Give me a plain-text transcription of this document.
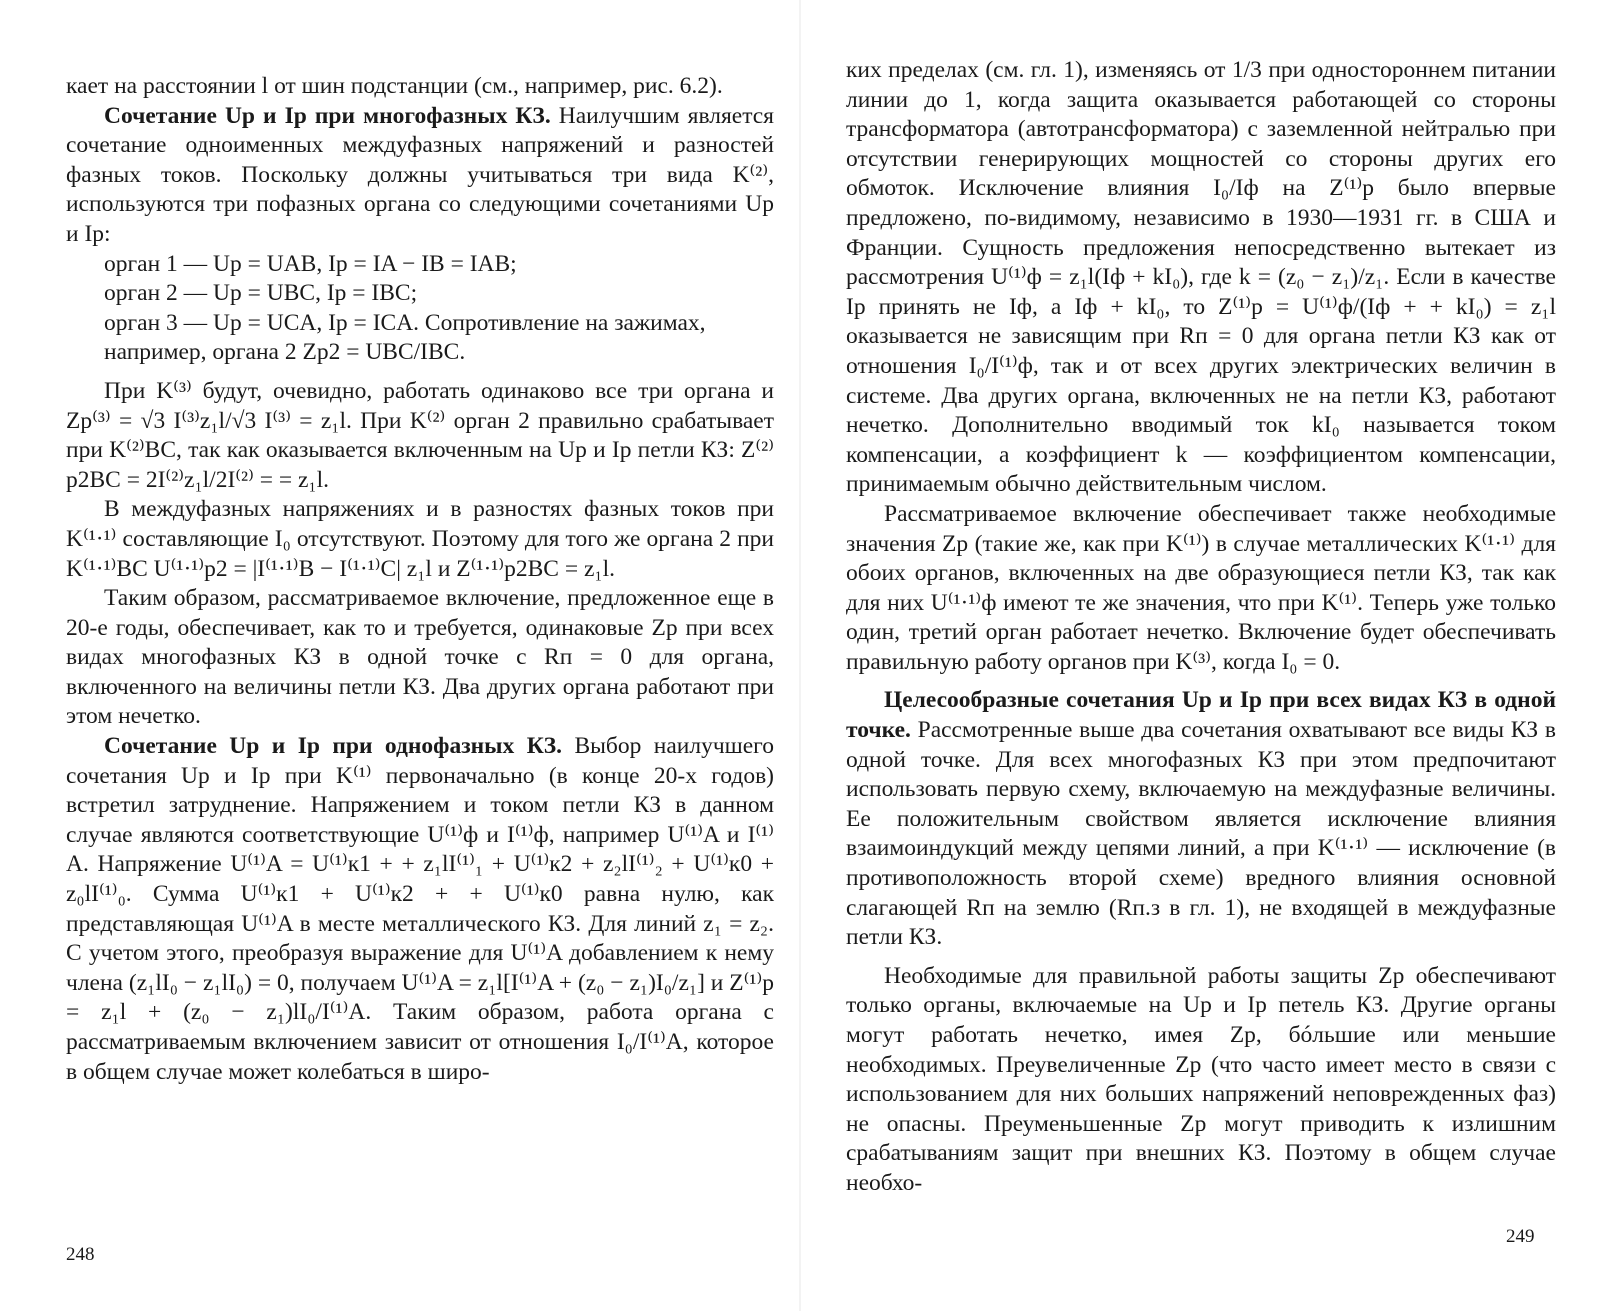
кает на расстоянии l от шин подстанции (см., например, рис. 6.2).

Сочетание Uр и Iр при многофазных КЗ. Наилучшим является сочетание одноименных междуфазных напряжений и разностей фазных токов. Поскольку должны учитываться три вида K⁽²⁾, используются три пофазных органа со следующими сочетаниями Uр и Iр:

орган 1 — Uр = UAB, Iр = IA − IB = IAB;

орган 2 — Uр = UBC, Iр = IBC;

орган 3 — Uр = UCA, Iр = ICA. Сопротивление на зажимах, например, органа 2 Zр2 = UBC/IBC.

При K⁽³⁾ будут, очевидно, работать одинаково все три органа и Zр⁽³⁾ = √3 I⁽³⁾z₁l/√3 I⁽³⁾ = z₁l. При K⁽²⁾ орган 2 правильно срабатывает при K⁽²⁾BC, так как оказывается включенным на Uр и Iр петли КЗ: Z⁽²⁾р2BC = 2I⁽²⁾z₁l/2I⁽²⁾ = = z₁l.

В междуфазных напряжениях и в разностях фазных токов при K⁽¹·¹⁾ составляющие I₀ отсутствуют. Поэтому для того же органа 2 при K⁽¹·¹⁾BC U⁽¹·¹⁾р2 = |I⁽¹·¹⁾B − I⁽¹·¹⁾C| z₁l и Z⁽¹·¹⁾р2BC = z₁l.

Таким образом, рассматриваемое включение, предложенное еще в 20-е годы, обеспечивает, как то и требуется, одинаковые Zр при всех видах многофазных КЗ в одной точке с Rп = 0 для органа, включенного на величины петли КЗ. Два других органа работают при этом нечетко.

Сочетание Uр и Iр при однофазных КЗ. Выбор наилучшего сочетания Uр и Iр при K⁽¹⁾ первоначально (в конце 20-х годов) встретил затруднение. Напряжением и током петли КЗ в данном случае являются соответствующие U⁽¹⁾ф и I⁽¹⁾ф, например U⁽¹⁾A и I⁽¹⁾A. Напряжение U⁽¹⁾A = U⁽¹⁾к1 + + z₁lI⁽¹⁾₁ + U⁽¹⁾к2 + z₂lI⁽¹⁾₂ + U⁽¹⁾к0 + z₀lI⁽¹⁾₀. Сумма U⁽¹⁾к1 + U⁽¹⁾к2 + + U⁽¹⁾к0 равна нулю, как представляющая U⁽¹⁾A в месте металлического КЗ. Для линий z₁ = z₂. С учетом этого, преобразуя выражение для U⁽¹⁾A добавлением к нему члена (z₁lI₀ − z₁lI₀) = 0, получаем U⁽¹⁾A = z₁l[I⁽¹⁾A + (z₀ − z₁)I₀/z₁] и Z⁽¹⁾р = z₁l + (z₀ − z₁)lI₀/I⁽¹⁾A. Таким образом, работа органа с рассматриваемым включением зависит от отношения I₀/I⁽¹⁾A, которое в общем случае может колебаться в широ-

248

ких пределах (см. гл. 1), изменяясь от 1/3 при одностороннем питании линии до 1, когда защита оказывается работающей со стороны трансформатора (автотрансформатора) с заземленной нейтралью при отсутствии генерирующих мощностей со стороны других его обмоток. Исключение влияния I₀/Iф на Z⁽¹⁾р было впервые предложено, по-видимому, независимо в 1930—1931 гг. в США и Франции. Сущность предложения непосредственно вытекает из рассмотрения U⁽¹⁾ф = z₁l(Iф + kI₀), где k = (z₀ − z₁)/z₁. Если в качестве Iр принять не Iф, а Iф + kI₀, то Z⁽¹⁾р = U⁽¹⁾ф/(Iф + + kI₀) = z₁l оказывается не зависящим при Rп = 0 для органа петли КЗ как от отношения I₀/I⁽¹⁾ф, так и от всех других электрических величин в системе. Два других органа, включенных не на петли КЗ, работают нечетко. Дополнительно вводимый ток kI₀ называется током компенсации, а коэффициент k — коэффициентом компенсации, принимаемым обычно действительным числом.

Рассматриваемое включение обеспечивает также необходимые значения Zр (такие же, как при K⁽¹⁾) в случае металлических K⁽¹·¹⁾ для обоих органов, включенных на две образующиеся петли КЗ, так как для них U⁽¹·¹⁾ф имеют те же значения, что при K⁽¹⁾. Теперь уже только один, третий орган работает нечетко. Включение будет обеспечивать правильную работу органов при K⁽³⁾, когда I₀ = 0.

Целесообразные сочетания Uр и Iр при всех видах КЗ в одной точке. Рассмотренные выше два сочетания охватывают все виды КЗ в одной точке. Для всех многофазных КЗ при этом предпочитают использовать первую схему, включаемую на междуфазные величины. Ее положительным свойством является исключение влияния взаимоиндукций между цепями линий, а при K⁽¹·¹⁾ — исключение (в противоположность второй схеме) вредного влияния основной слагающей Rп на землю (Rп.з в гл. 1), не входящей в междуфазные петли КЗ.

Необходимые для правильной работы защиты Zр обеспечивают только органы, включаемые на Uр и Iр петель КЗ. Другие органы могут работать нечетко, имея Zр, бóльшие или меньшие необходимых. Преувеличенные Zр (что часто имеет место в связи с использованием для них больших напряжений неповрежденных фаз) не опасны. Преуменьшенные Zр могут приводить к излишним срабатываниям защит при внешних КЗ. Поэтому в общем случае необхо-

249
